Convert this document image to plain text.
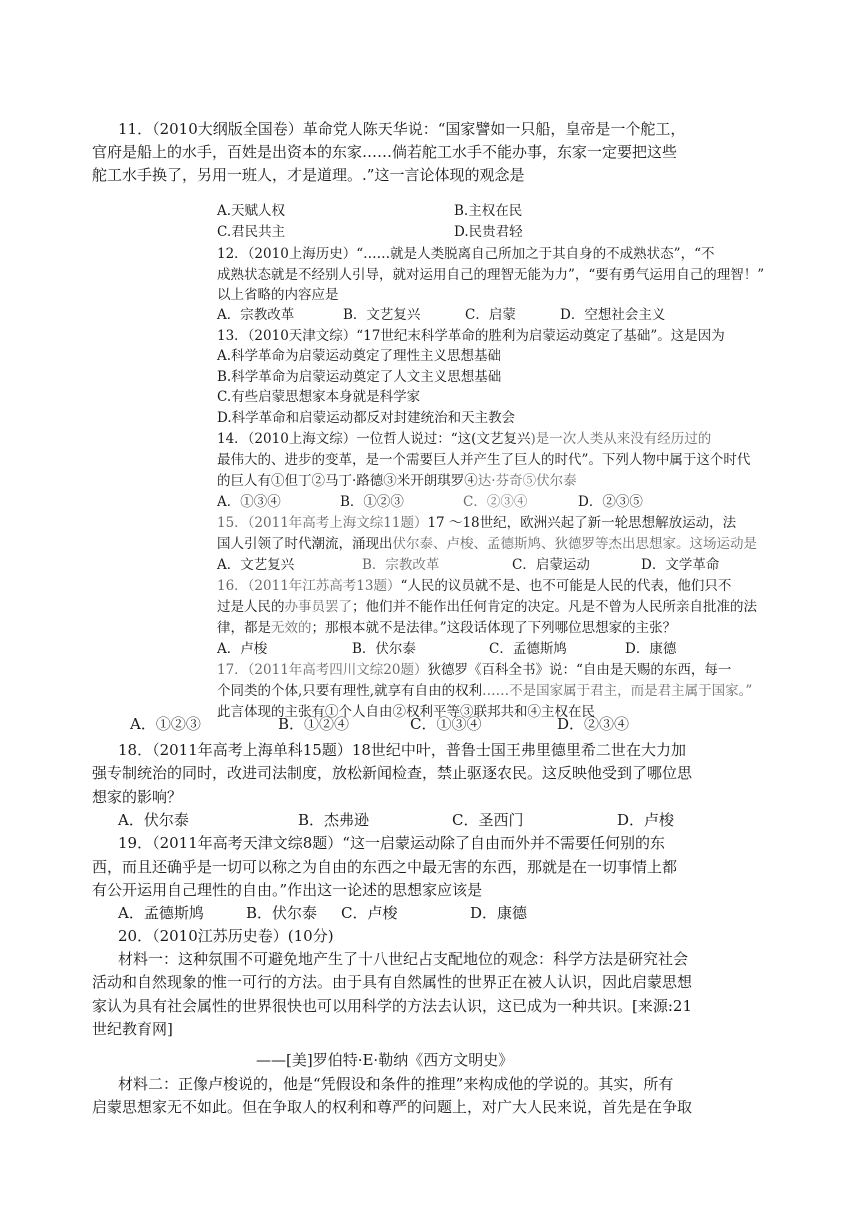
11．（2010大纲版全国卷）革命党人陈天华说：“国家譬如一只船，皇帝是一个舵工，
官府是船上的水手，百姓是出资本的东家……倘若舵工水手不能办事，东家一定要把这些
舵工水手换了，另用一班人，才是道理。.”这一言论体现的观念是
A.天赋人权	B.主权在民
C.君民共主	D.民贵君轻
12．（2010上海历史）“……就是人类脱离自己所加之于其自身的不成熟状态”，“不
成熟状态就是不经别人引导，就对运用自己的理智无能为力”，“要有勇气运用自己的理智！”
以上省略的内容应是
A．宗教改革	B．文艺复兴	C．启蒙	D．空想社会主义
13．（2010天津文综）“17世纪末科学革命的胜利为启蒙运动奠定了基础”。这是因为
A.科学革命为启蒙运动奠定了理性主义思想基础
B.科学革命为启蒙运动奠定了人文主义思想基础
C.有些启蒙思想家本身就是科学家
D.科学革命和启蒙运动都反对封建统治和天主教会
14．（2010上海文综）一位哲人说过：“这(文艺复兴)是一次人类从来没有经历过的
最伟大的、进步的变革，是一个需要巨人并产生了巨人的时代”。下列人物中属于这个时代
的巨人有①但丁②马丁·路德③米开朗琪罗④达·芬奇⑤伏尔泰
A．①③④	B．①②③	C．②③④	D．②③⑤
15．（2011年高考上海文综11题）17 ～18世纪，欧洲兴起了新一轮思想解放运动，法
国人引领了时代潮流，涌现出伏尔泰、卢梭、孟德斯鸠、狄德罗等杰出思想家。这场运动是
A．文艺复兴	B．宗教改革	C．启蒙运动	D．文学革命
16．（2011年江苏高考13题）“人民的议员就不是、也不可能是人民的代表，他们只不
过是人民的办事员罢了；他们并不能作出任何肯定的决定。凡是不曾为人民所亲自批准的法
律，都是无效的；那根本就不是法律。”这段话体现了下列哪位思想家的主张？
A．卢梭	B．伏尔泰	C．孟德斯鸠	D．康德
17．（2011年高考四川文综20题）狄德罗《百科全书》说：“自由是天赐的东西，每一
个同类的个体,只要有理性,就享有自由的权利……不是国家属于君主，而是君主属于国家。”
此言体现的主张有①个人自由②权利平等③联邦共和④主权在民
A．①②③	B．①②④	C．①③④	D．②③④
18．（2011年高考上海单科15题）18世纪中叶，普鲁士国王弗里德里希二世在大力加
强专制统治的同时，改进司法制度，放松新闻检查，禁止驱逐农民。这反映他受到了哪位思
想家的影响？
A．伏尔泰	B．杰弗逊	C．圣西门	D．卢梭
19．（2011年高考天津文综8题）“这一启蒙运动除了自由而外并不需要任何别的东
西，而且还确乎是一切可以称之为自由的东西之中最无害的东西，那就是在一切事情上都
有公开运用自己理性的自由。”作出这一论述的思想家应该是
A．孟德斯鸠	B．伏尔泰 C．卢梭	D．康德
20．（2010江苏历史卷）(10分)
材料一：这种氛围不可避免地产生了十八世纪占支配地位的观念：科学方法是研究社会
活动和自然现象的惟一可行的方法。由于具有自然属性的世界正在被人认识，因此启蒙思想
家认为具有社会属性的世界很快也可以用科学的方法去认识，这已成为一种共识。[来源:21
世纪教育网]
——[美]罗伯特·E·勒纳《西方文明史》
材料二：正像卢梭说的，他是“凭假设和条件的推理”来构成他的学说的。其实，所有
启蒙思想家无不如此。但在争取人的权利和尊严的问题上，对广大人民来说，首先是在争取
